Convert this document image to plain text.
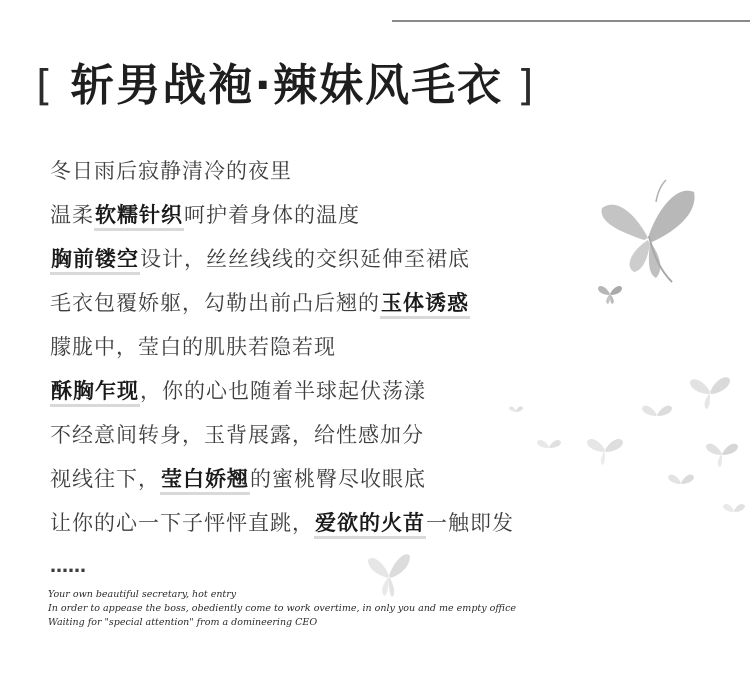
[ 斩男战袍·辣妹风毛衣 ]
冬日雨后寂静清冷的夜里
温柔软糯针织呵护着身体的温度
胸前镂空设计，丝丝线线的交织延伸至裙底
毛衣包覆娇躯，勾勒出前凸后翘的玉体诱惑
朦胧中，莹白的肌肤若隐若现
酥胸乍现，你的心也随着半球起伏荡漾
不经意间转身，玉背展露，给性感加分
视线往下，莹白娇翘的蜜桃臀尽收眼底
让你的心一下子怦怦直跳，爱欲的火苗一触即发
……
Your own beautiful secretary, hot entry
In order to appease the boss, obediently come to work overtime, in only you and me empty office
Waiting for "special attention" from a domineering CEO
